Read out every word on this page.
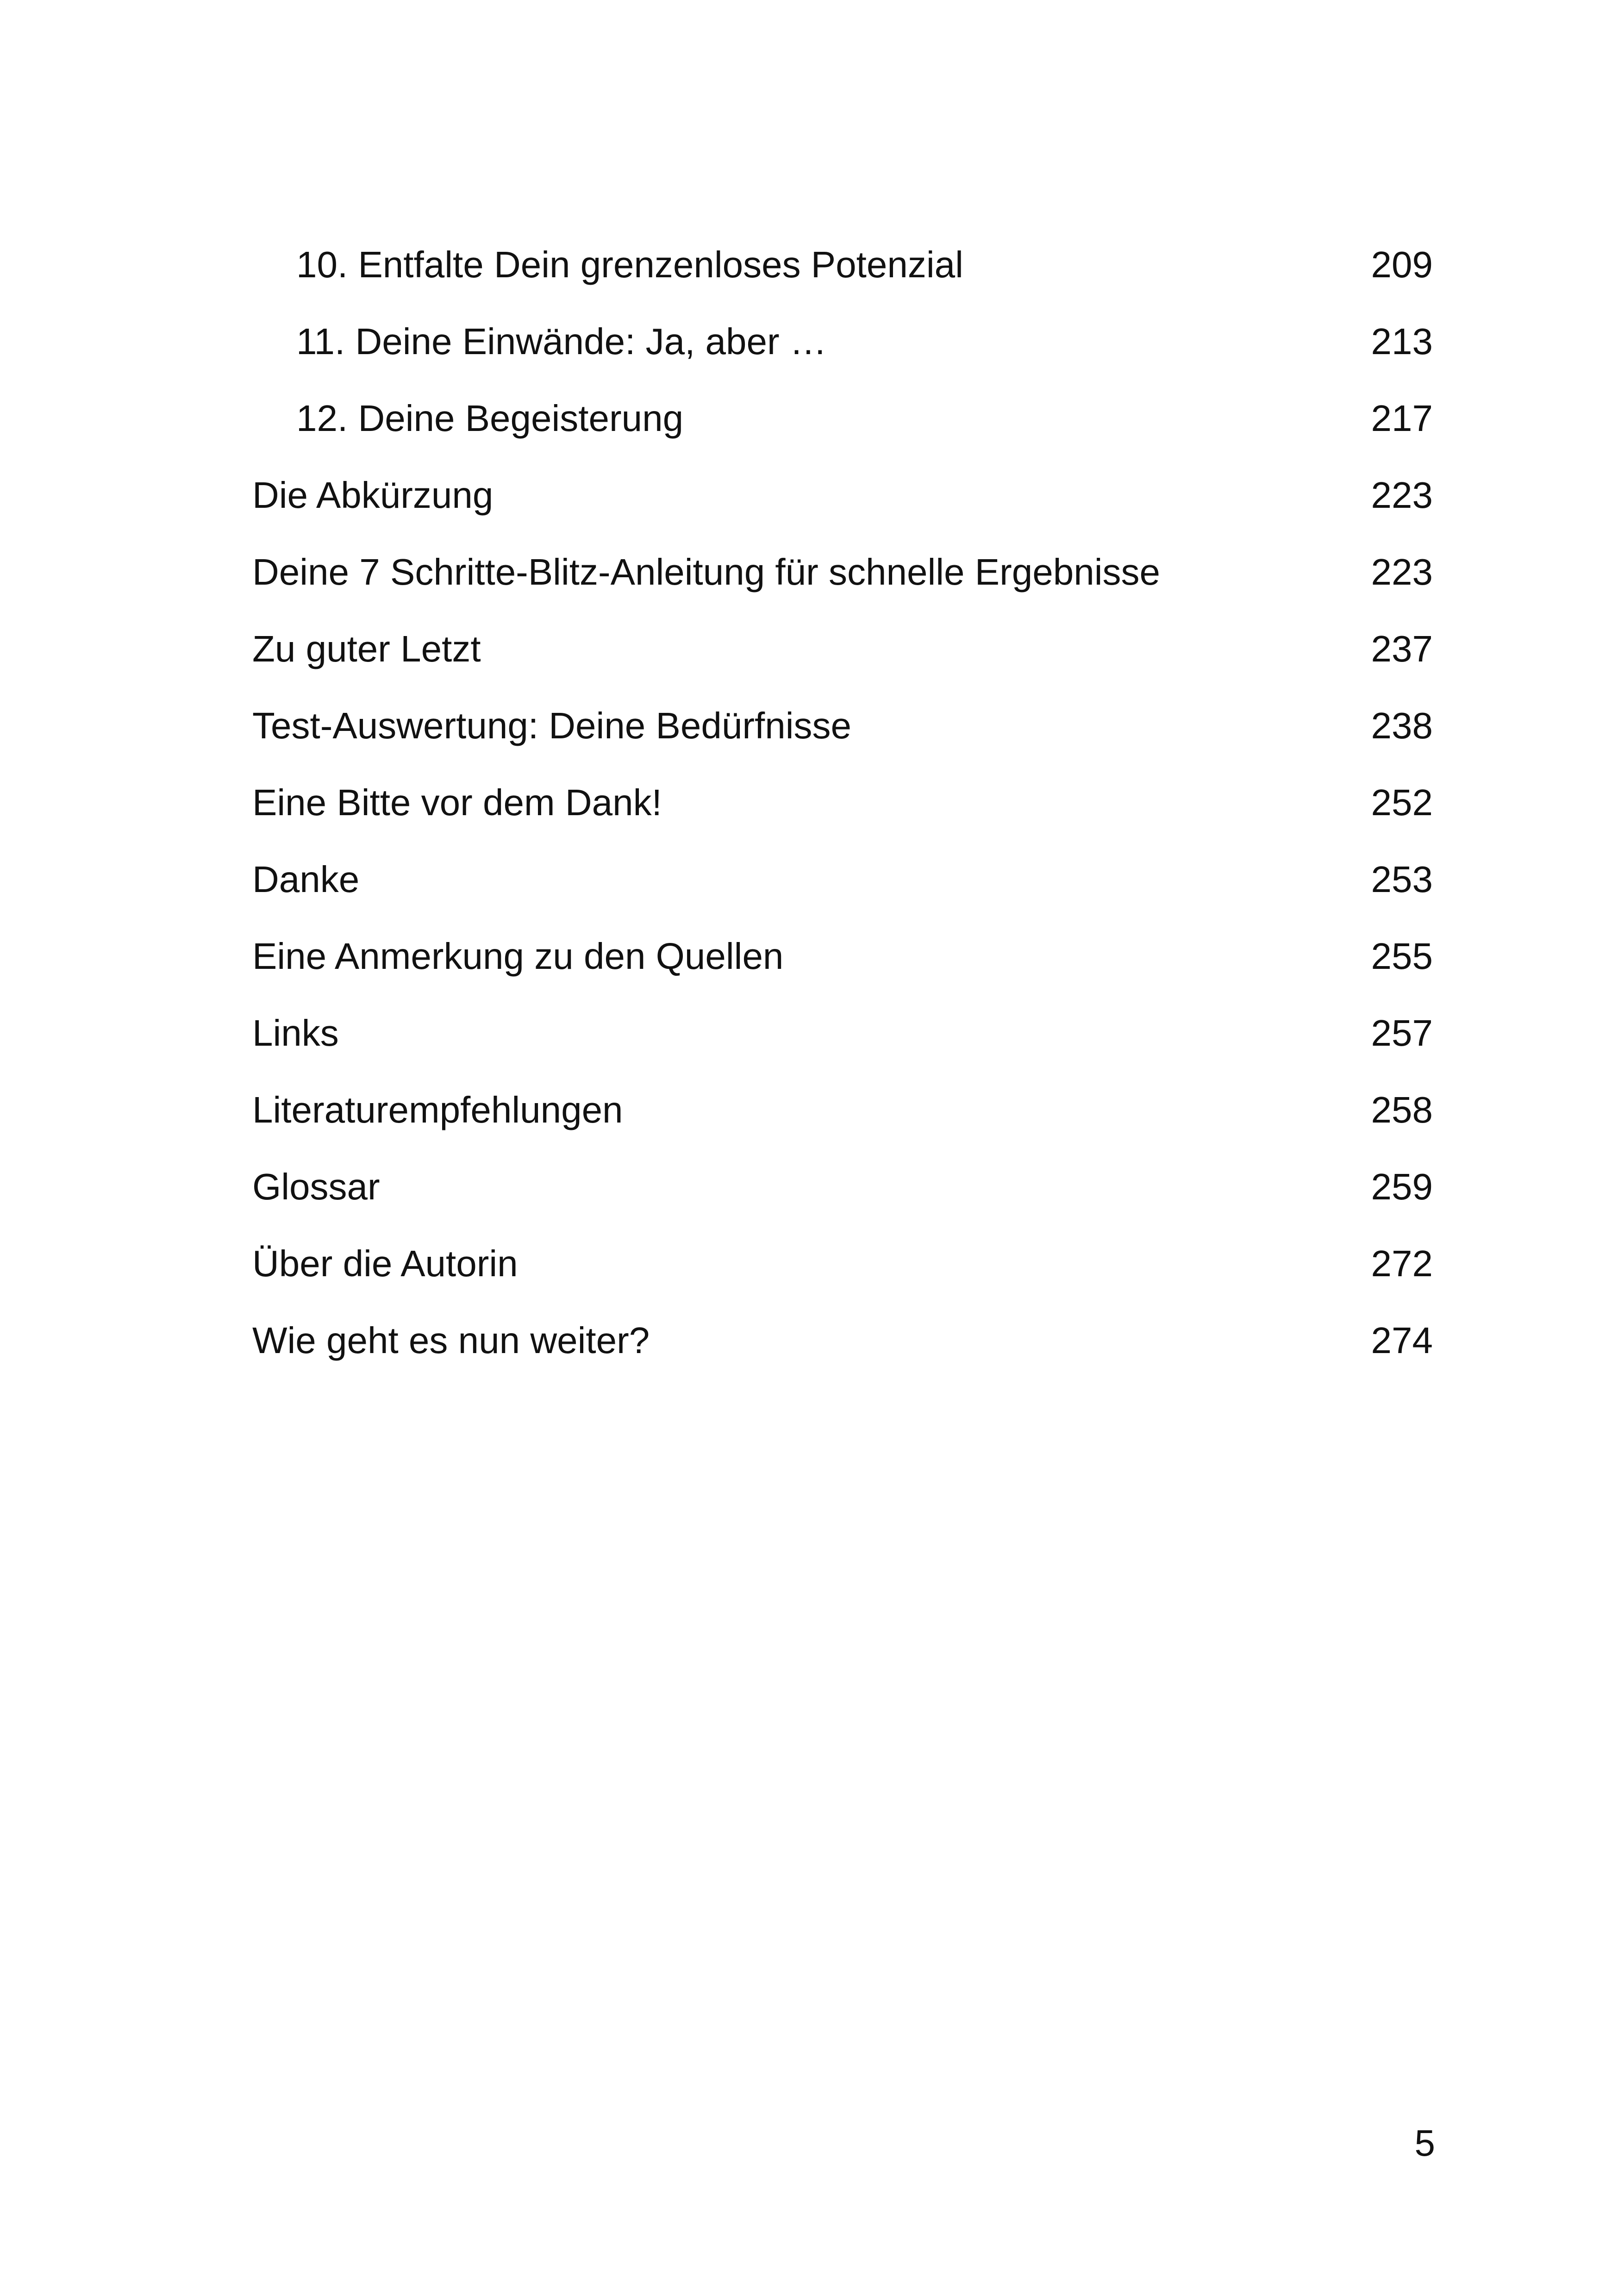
10. Entfalte Dein grenzenloses Potenzial	209
11. Deine Einwände: Ja, aber …	213
12. Deine Begeisterung	217
Die Abkürzung	223
Deine 7 Schritte-Blitz-Anleitung für schnelle Ergebnisse	223
Zu guter Letzt	237
Test-Auswertung: Deine Bedürfnisse	238
Eine Bitte vor dem Dank!	252
Danke	253
Eine Anmerkung zu den Quellen	255
Links	257
Literaturempfehlungen	258
Glossar	259
Über die Autorin	272
Wie geht es nun weiter?	274
5
